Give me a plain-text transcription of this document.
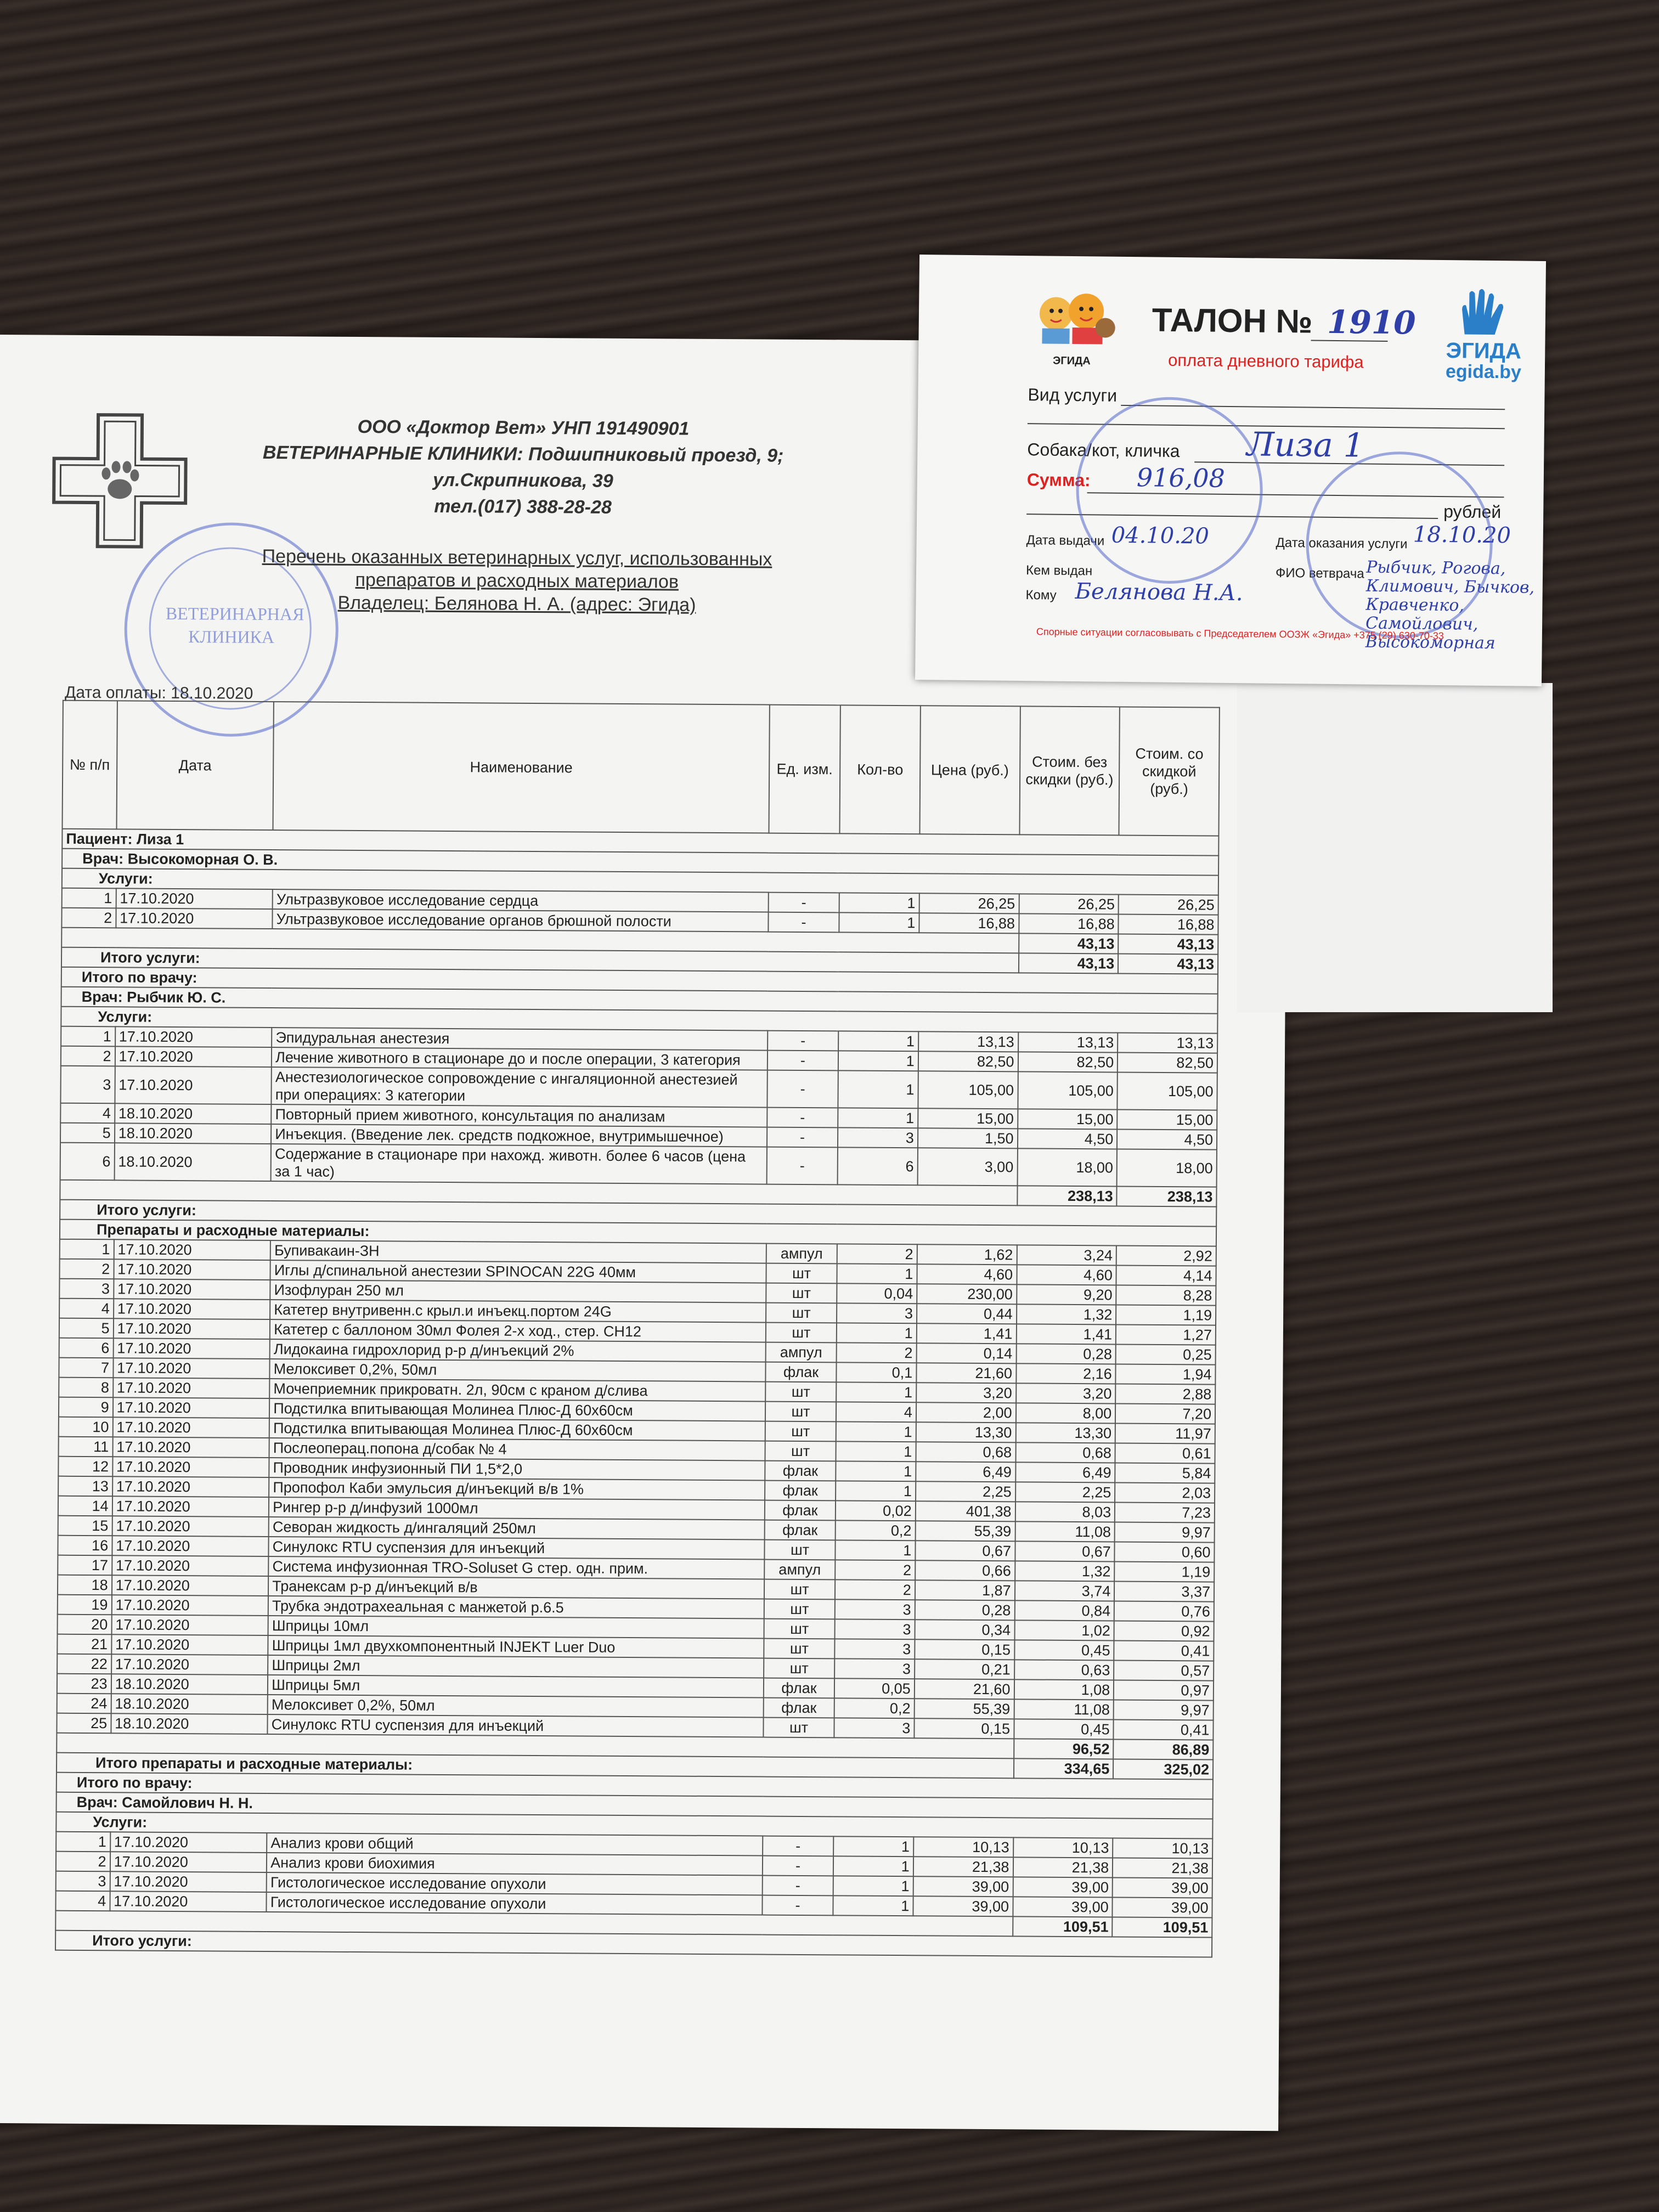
ООО «Доктор Вет» УНП 191490901
ВЕТЕРИНАРНЫЕ КЛИНИКИ: Подшипниковый проезд, 9;
ул.Скрипникова, 39
тел.(017) 388-28-28
ВЕТЕРИНАРНАЯ КЛИНИКА
Перечень оказанных ветеринарных услуг, использованных
препаратов и расходных материалов
Владелец: Белянова Н. А. (адрес: Эгида)
Дата оплаты: 18.10.2020
№ п/п	Дата	Наименование	Ед. изм.	Кол-во	Цена (руб.)	Стоим. без скидки (руб.)	Стоим. со скидкой (руб.)
Пациент: Лиза 1							
Врач: Высокоморная О. В.							
Услуги:							
1	17.10.2020	Ультразвуковое исследование сердца	-	1	26,25	26,25	26,25
2	17.10.2020	Ультразвуковое исследование органов брюшной полости	-	1	16,88	16,88	16,88
						43,13	43,13
Итого услуги:						43,13	43,13
Итого по врачу:							
Врач: Рыбчик Ю. С.							
Услуги:							
1	17.10.2020	Эпидуральная анестезия	-	1	13,13	13,13	13,13
2	17.10.2020	Лечение животного в стационаре до и после операции, 3 категория	-	1	82,50	82,50	82,50
3	17.10.2020	Анестезиологическое сопровождение с ингаляционной анестезией при операциях: 3 категории	-	1	105,00	105,00	105,00
4	18.10.2020	Повторный прием животного, консультация по анализам	-	1	15,00	15,00	15,00
5	18.10.2020	Инъекция. (Введение лек. средств подкожное, внутримышечное)	-	3	1,50	4,50	4,50
6	18.10.2020	Содержание в стационаре при нахожд. животн. более 6 часов (цена за 1 час)	-	6	3,00	18,00	18,00
						238,13	238,13
Итого услуги:							
Препараты и расходные материалы:							
1	17.10.2020	Бупивакаин-ЗН	ампул	2	1,62	3,24	2,92
2	17.10.2020	Иглы д/спинальной анестезии SPINOCAN 22G 40мм	шт	1	4,60	4,60	4,14
3	17.10.2020	Изофлуран 250 мл	шт	0,04	230,00	9,20	8,28
4	17.10.2020	Катетер внутривенн.с крыл.и инъекц.портом 24G	шт	3	0,44	1,32	1,19
5	17.10.2020	Катетер с баллоном 30мл Фолея 2-х ход., стер. CH12	шт	1	1,41	1,41	1,27
6	17.10.2020	Лидокаина гидрохлорид р-р д/инъекций 2%	ампул	2	0,14	0,28	0,25
7	17.10.2020	Мелоксивет 0,2%, 50мл	флак	0,1	21,60	2,16	1,94
8	17.10.2020	Мочеприемник прикроватн. 2л, 90см с краном д/слива	шт	1	3,20	3,20	2,88
9	17.10.2020	Подстилка впитывающая Молинеа Плюс-Д 60х60см	шт	4	2,00	8,00	7,20
10	17.10.2020	Подстилка впитывающая Молинеа Плюс-Д 60х60см	шт	1	13,30	13,30	11,97
11	17.10.2020	Послеоперац.попона д/собак № 4	шт	1	0,68	0,68	0,61
12	17.10.2020	Проводник инфузионный ПИ 1,5*2,0	флак	1	6,49	6,49	5,84
13	17.10.2020	Пропофол Каби эмульсия д/инъекций в/в 1%	флак	1	2,25	2,25	2,03
14	17.10.2020	Рингер р-р д/инфузий 1000мл	флак	0,02	401,38	8,03	7,23
15	17.10.2020	Севоран жидкость д/ингаляций 250мл	флак	0,2	55,39	11,08	9,97
16	17.10.2020	Синулокс RTU суспензия для инъекций	шт	1	0,67	0,67	0,60
17	17.10.2020	Система инфузионная TRO-Soluset G стер. одн. прим.	ампул	2	0,66	1,32	1,19
18	17.10.2020	Транексам р-р д/инъекций в/в	шт	2	1,87	3,74	3,37
19	17.10.2020	Трубка эндотрахеальная с манжетой р.6.5	шт	3	0,28	0,84	0,76
20	17.10.2020	Шприцы 10мл	шт	3	0,34	1,02	0,92
21	17.10.2020	Шприцы 1мл двухкомпонентный INJEKT Luer Duo	шт	3	0,15	0,45	0,41
22	17.10.2020	Шприцы 2мл	шт	3	0,21	0,63	0,57
23	18.10.2020	Шприцы 5мл	флак	0,05	21,60	1,08	0,97
24	18.10.2020	Мелоксивет 0,2%, 50мл	флак	0,2	55,39	11,08	9,97
25	18.10.2020	Синулокс RTU суспензия для инъекций	шт	3	0,15	0,45	0,41
						96,52	86,89
Итого препараты и расходные материалы:						334,65	325,02
Итого по врачу:							
Врач: Самойлович Н. Н.							
Услуги:							
1	17.10.2020	Анализ крови общий	-	1	10,13	10,13	10,13
2	17.10.2020	Анализ крови биохимия	-	1	21,38	21,38	21,38
3	17.10.2020	Гистологическое исследование опухоли	-	1	39,00	39,00	39,00
4	17.10.2020	Гистологическое исследование опухоли	-	1	39,00	39,00	39,00
						109,51	109,51
Итого услуги:							
ЭГИДА
ТАЛОН № 1910
оплата дневного тарифа	ЭГИДА
egida.by
Вид услуги
Собака/кот, кличка Лиза 1
Сумма: 916,08
рублей
Дата выдачи 04.10.20	Дата оказания услуги 18.10.20
Кем выдан	ФИО ветврача
Кому Белянова Н.А.
Рыбчик, Рогова, Климович, Бычков, Кравченко, Самойлович, Высокоморная
Спорные ситуации согласовывать с Председателем ООЗЖ «Эгида» +375 (29) 630-70-33
